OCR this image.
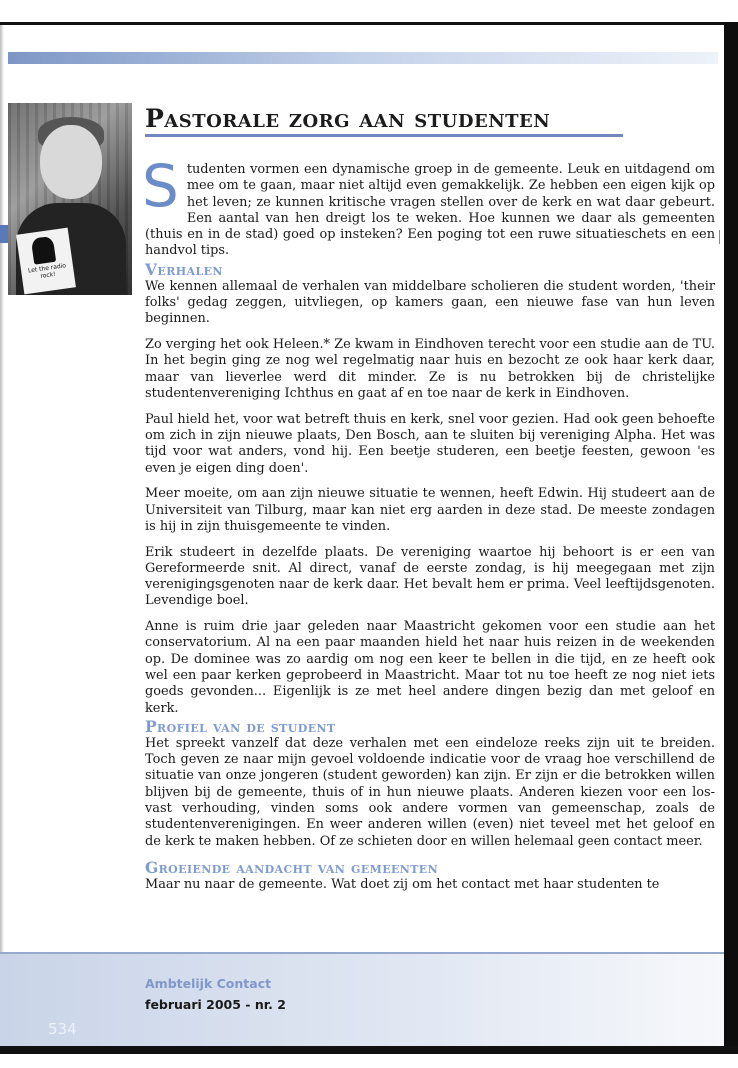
Let the radio rock!
Pastorale zorg aan studenten
S tudenten vormen een dynamische groep in de gemeente. Leuk en uitdagend om mee om te gaan, maar niet altijd even gemakkelijk. Ze hebben een eigen kijk op het leven; ze kunnen kritische vragen stellen over de kerk en wat daar gebeurt. Een aantal van hen dreigt los te weken. Hoe kunnen we daar als gemeenten (thuis en in de stad) goed op insteken? Een poging tot een ruwe situatieschets en een handvol tips.

Verhalen

We kennen allemaal de verhalen van middelbare scholieren die student worden, 'their folks' gedag zeggen, uitvliegen, op kamers gaan, een nieuwe fase van hun leven beginnen.

Zo verging het ook Heleen.* Ze kwam in Eindhoven terecht voor een studie aan de TU. In het begin ging ze nog wel regelmatig naar huis en bezocht ze ook haar kerk daar, maar van lieverlee werd dit minder. Ze is nu betrokken bij de christelijke studentenvereniging Ichthus en gaat af en toe naar de kerk in Eindhoven.

Paul hield het, voor wat betreft thuis en kerk, snel voor gezien. Had ook geen behoefte om zich in zijn nieuwe plaats, Den Bosch, aan te sluiten bij vereniging Alpha. Het was tijd voor wat anders, vond hij. Een beetje studeren, een beetje feesten, gewoon 'es even je eigen ding doen'.

Meer moeite, om aan zijn nieuwe situatie te wennen, heeft Edwin. Hij studeert aan de Universiteit van Tilburg, maar kan niet erg aarden in deze stad. De meeste zondagen is hij in zijn thuisgemeente te vinden.

Erik studeert in dezelfde plaats. De vereniging waartoe hij behoort is er een van Gereformeerde snit. Al direct, vanaf de eerste zondag, is hij meegegaan met zijn verenigingsgenoten naar de kerk daar. Het bevalt hem er prima. Veel leeftijdsgenoten. Levendige boel.

Anne is ruim drie jaar geleden naar Maastricht gekomen voor een studie aan het conservatorium. Al na een paar maanden hield het naar huis reizen in de weekenden op. De dominee was zo aardig om nog een keer te bellen in die tijd, en ze heeft ook wel een paar kerken geprobeerd in Maastricht. Maar tot nu toe heeft ze nog niet iets goeds gevonden... Eigenlijk is ze met heel andere dingen bezig dan met geloof en kerk.

Profiel van de student

Het spreekt vanzelf dat deze verhalen met een eindeloze reeks zijn uit te breiden. Toch geven ze naar mijn gevoel voldoende indicatie voor de vraag hoe verschillend de situatie van onze jongeren (student geworden) kan zijn. Er zijn er die betrokken willen blijven bij de gemeente, thuis of in hun nieuwe plaats. Anderen kiezen voor een los-vast verhouding, vinden soms ook andere vormen van gemeenschap, zoals de studentenverenigingen. En weer anderen willen (even) niet teveel met het geloof en de kerk te maken hebben. Of ze schieten door en willen helemaal geen contact meer.

Groeiende aandacht van gemeenten

Maar nu naar de gemeente. Wat doet zij om het contact met haar studenten te

534
Ambtelijk Contact
februari 2005 - nr. 2
